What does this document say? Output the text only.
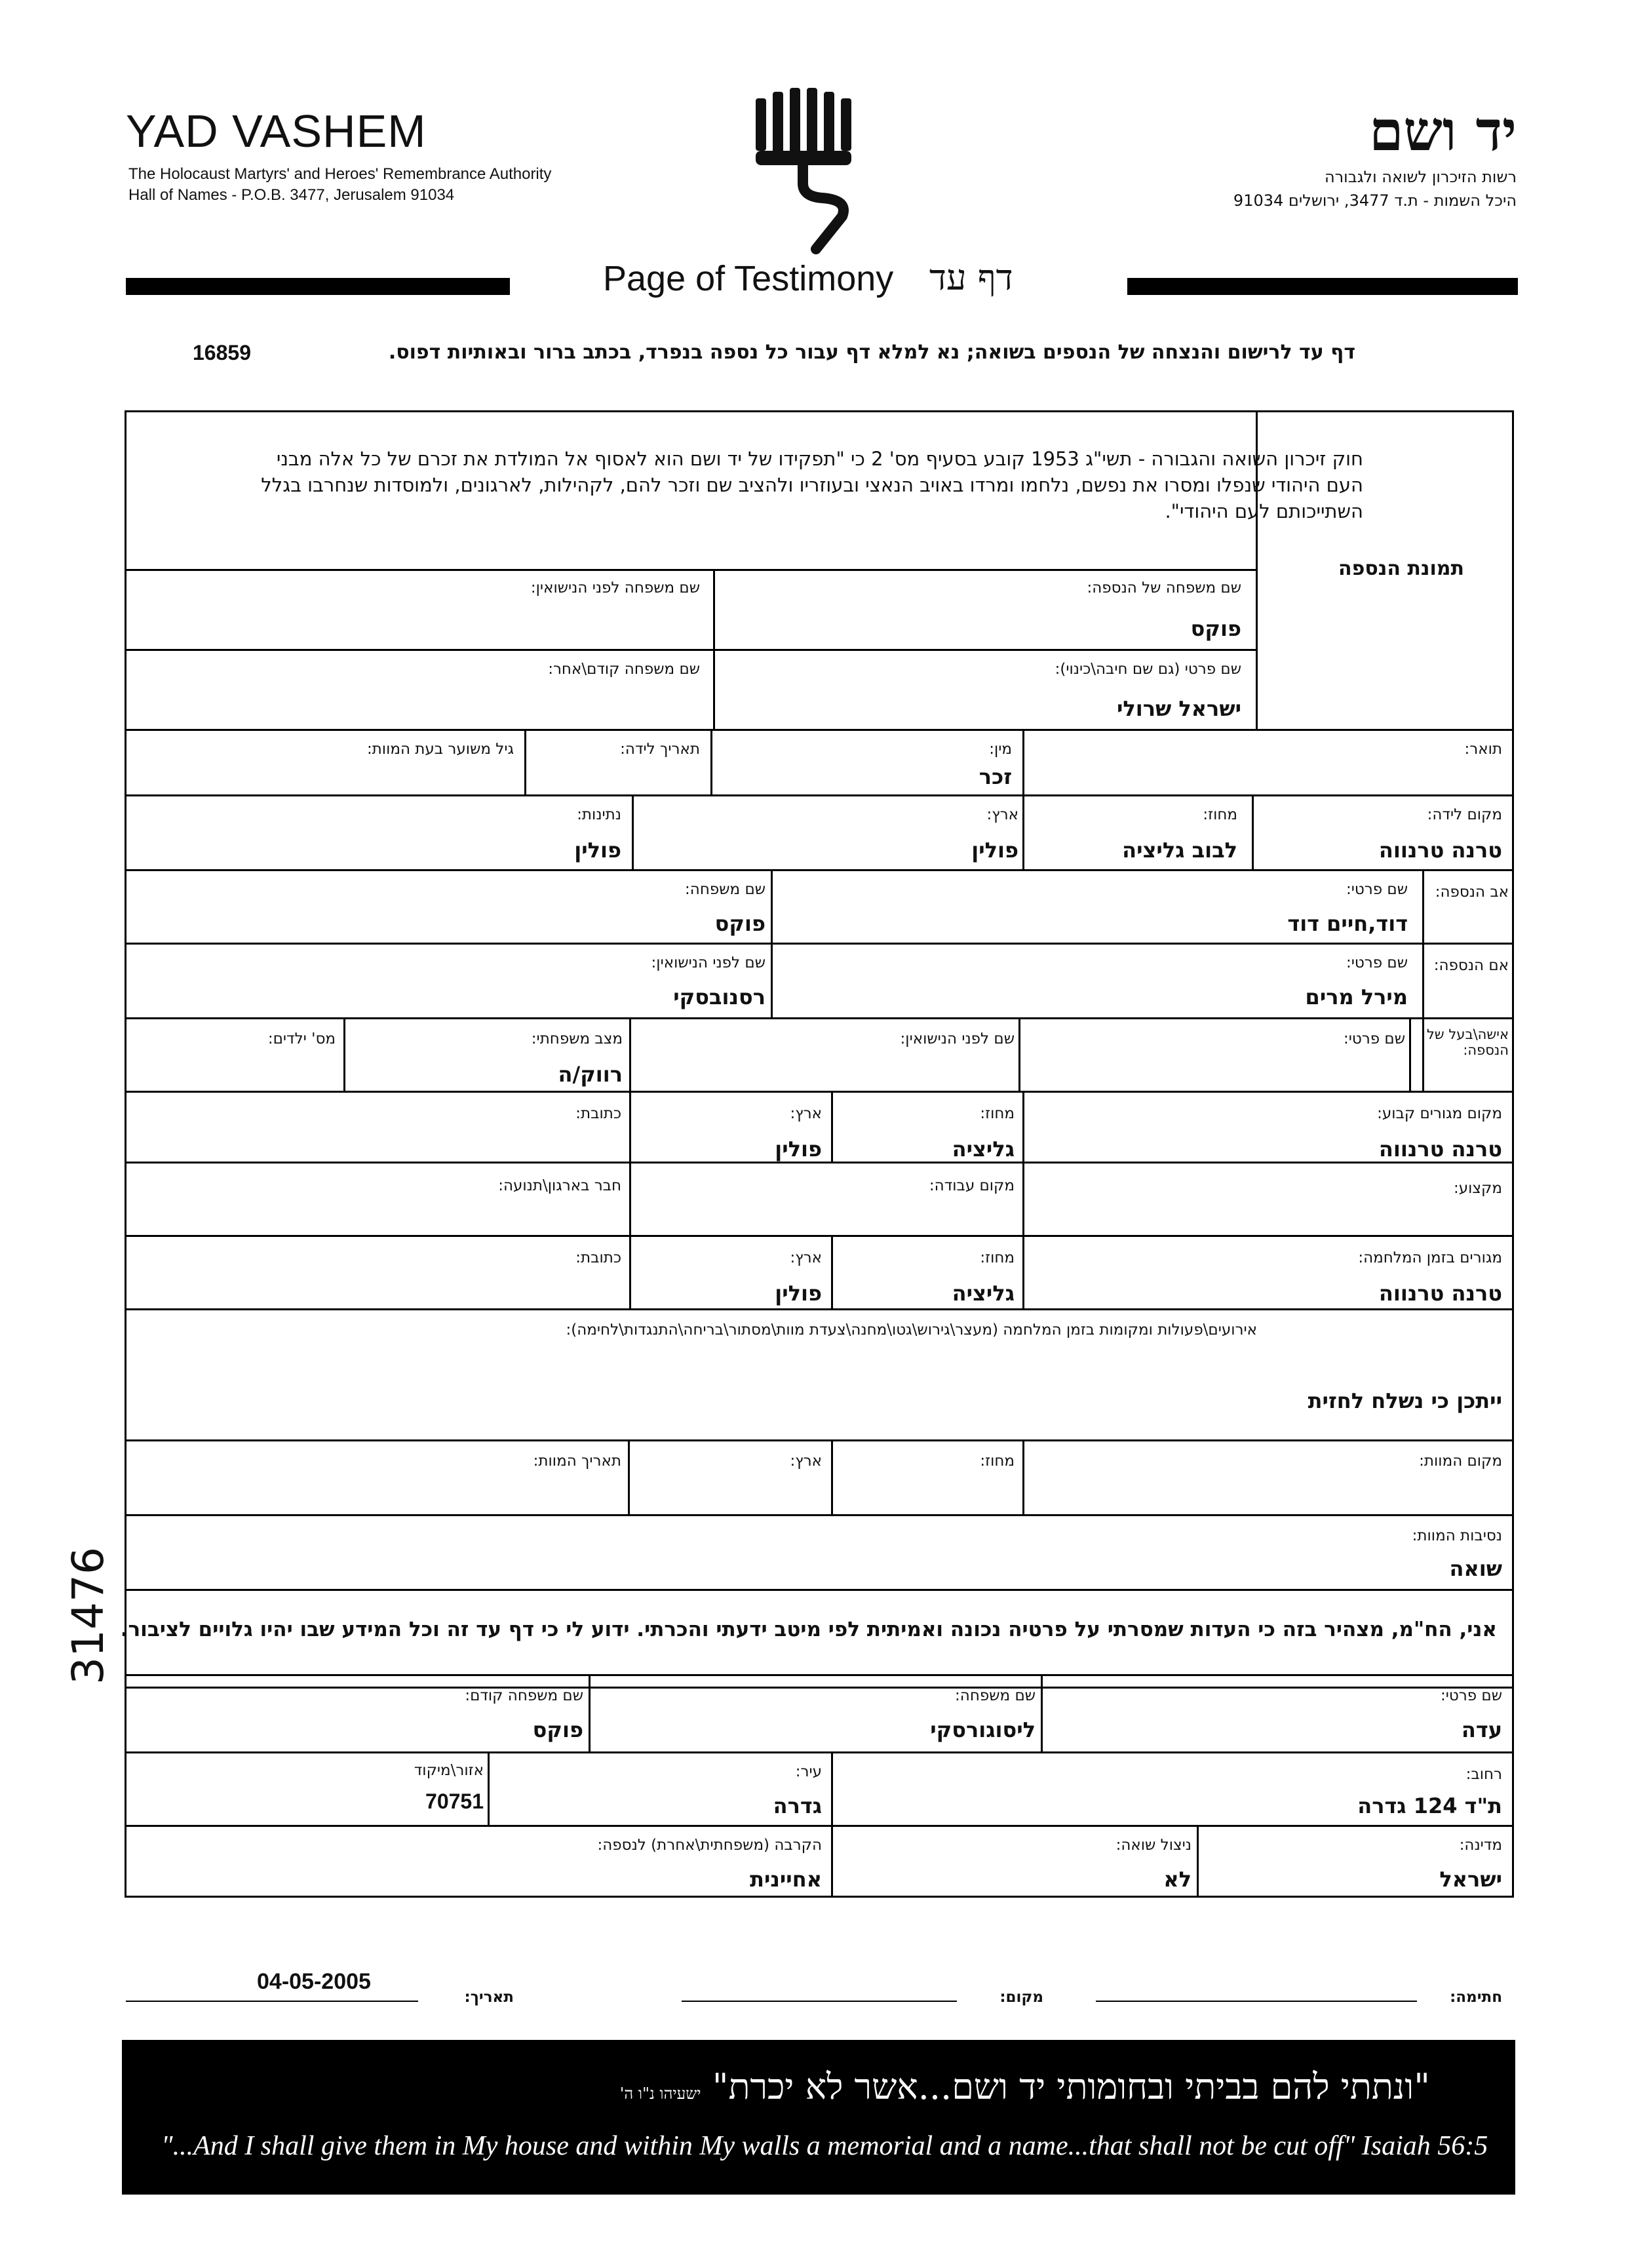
YAD VASHEM
The Holocaust Martyrs' and Heroes' Remembrance Authority
Hall of Names - P.O.B. 3477, Jerusalem 91034
יד ושם
רשות הזיכרון לשואה ולגבורה
היכל השמות - ת.ד 3477, ירושלים 91034
Page of Testimony דף עד
דף עד לרישום והנצחה של הנספים בשואה; נא למלא דף עבור כל נספה בנפרד, בכתב ברור ובאותיות דפוס.
16859
חוק זיכרון השואה והגבורה - תשי"ג 1953 קובע בסעיף מס' 2 כי "תפקידו של יד ושם הוא לאסוף אל המולדת את זכרם של כל אלה מבני העם היהודי שנפלו ומסרו את נפשם, נלחמו ומרדו באויב הנאצי ובעוזריו ולהציב שם וזכר להם, לקהילות, לארגונים, ולמוסדות שנחרבו בגלל השתייכותם לעם היהודי".
תמונת הנספה
שם משפחה של הנספה:
פוקס
שם משפחה לפני הנישואין:
שם פרטי (גם שם חיבה\כינוי):
ישראל שרולי
שם משפחה קודם\אחר:
תואר:
מין:
זכר
תאריך לידה:
גיל משוער בעת המוות:
מקום לידה:
טרנה טרנווה
מחוז:
לבוב גליציה
ארץ:
פולין
נתינות:
פולין
אב הנספה:
שם פרטי:
דוד,חיים דוד
שם משפחה:
פוקס
אם הנספה:
שם פרטי:
מירל מרים
שם לפני הנישואין:
רסנובסקי
אישה\בעל של הנספה:
שם פרטי:
שם לפני הנישואין:
מצב משפחתי:
רווק/ה
מס' ילדים:
מקום מגורים קבוע:
טרנה טרנווה
מחוז:
גליציה
ארץ:
פולין
כתובת:
מקצוע:
מקום עבודה:
חבר בארגון\תנועה:
מגורים בזמן המלחמה:
טרנה טרנווה
מחוז:
גליציה
ארץ:
פולין
כתובת:
אירועים\פעולות ומקומות בזמן המלחמה (מעצר\גירוש\גטו\מחנה\צעדת מוות\מסתור\בריחה\התנגדות\לחימה):
ייתכן כי נשלח לחזית
מקום המוות:
מחוז:
ארץ:
תאריך המוות:
נסיבות המוות:
שואה
אני, הח"מ, מצהיר בזה כי העדות שמסרתי על פרטיה נכונה ואמיתית לפי מיטב ידעתי והכרתי. ידוע לי כי דף עד זה וכל המידע שבו יהיו גלויים לציבור.
שם פרטי:
עדה
שם משפחה:
ליסוגורסקי
שם משפחה קודם:
פוקס
רחוב:
ת"ד 124 גדרה
עיר:
גדרה
אזור\מיקוד
70751
מדינה:
ישראל
ניצול שואה:
לא
הקרבה (משפחתית\אחרת) לנספה:
אחיינית
חתימה:
מקום:
תאריך:
04-05-2005
31476
"ונתתי להם בביתי ובחומותי יד ושם...אשר לא יכרת" ישעיהו נ"ו ה'
"...And I shall give them in My house and within My walls a memorial and a name...that shall not be cut off" Isaiah 56:5
